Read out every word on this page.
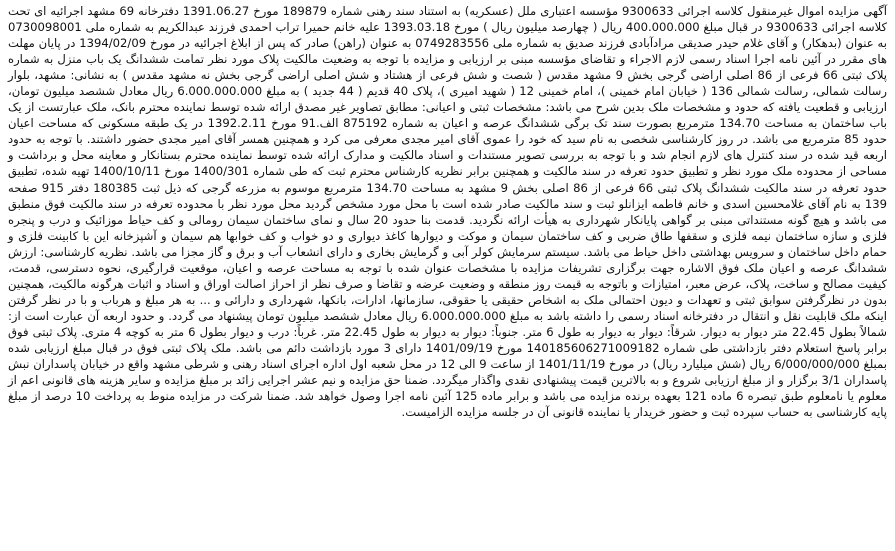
آگهی مزایده اموال غیرمنقول کلاسه اجرائی 9300633 مؤسسه اعتباری ملل (عسکریه) به استناد سند رهنی شماره 189879 مورخ 1391.06.27 دفترخانه 69 مشهد اجرائیه ای تحت کلاسه اجرائی 9300633 در قبال مبلغ 400.000.000 ریال ( چهارصد میلیون ریال ) مورخ 1393.03.18 علیه خانم حمیرا تراب احمدی فرزند عبدالکریم به شماره ملی 0730098001 به عنوان (بدهکار) و آقای غلام حیدر صدیقی مرادآبادی فرزند صدیق به شماره ملی 0749283556 به عنوان (راهن) صادر که پس از ابلاغ اجرائیه در مورخ 1394/02/09 در پایان مهلت های مقرر در آئین نامه اجرا اسناد رسمی لازم الاجراء و تقاضای مؤسسه مبنی بر ارزیابی و مزایده با توجه به وضعیت مالکیت پلاک مورد نظر تمامت ششدانگ یک باب منزل به شماره پلاک ثبتی 66 فرعی از 86 اصلی اراضی گرجی بخش 9 مشهد مقدس ( شصت و شش فرعی از هشتاد و شش اصلی اراضی گرجی بخش نه مشهد مقدس ) به نشانی: مشهد، بلوار رسالت شمالی، رسالت شمالی 136 ( خیابان امام خمینی )، امام خمینی 12 ( شهید امیری )، پلاک 40 قدیم ( 44 جدید ) به مبلغ 6.000.000.000 ریال معادل ششصد میلیون تومان، ارزیابی و قطعیت یافته که حدود و مشخصات ملک بدین شرح می باشد: مشخصات ثبتی و اعیانی: مطابق تصاویر غیر مصدق ارائه شده توسط نماینده محترم بانک، ملک عبارتست از یک باب ساختمان به مساحت 134.70 مترمربع بصورت سند تک برگی ششدانگ عرصه و اعیان به شماره 875192 الف.91 مورخ 1392.2.11 در یک طبقه مسکونی که مساحت اعیان حدود 85 مترمربع می باشد. در روز کارشناسی شخصی به نام سید که خود را عموی آقای امیر مجدی معرفی می کرد و همچنین همسر آقای امیر مجدی حضور داشتند. با توجه به حدود اربعه قید شده در سند کنترل های لازم انجام شد و با توجه به بررسی تصویر مستندات و اسناد مالکیت و مدارک ارائه شده توسط نماینده محترم بستانکار و معاینه محل و برداشت و مساحی از محدوده ملک مورد نظر و تطبیق حدود تعرفه در سند مالکیت و همچنین برابر نظریه کارشناس محترم ثبت که طی شماره 1400/301 مورخ 1400/10/11 تهیه شده، تطبیق حدود تعرفه در سند مالکیت ششدانگ پلاک ثبتی 66 فرعی از 86 اصلی بخش 9 مشهد به مساحت 134.70 مترمربع موسوم به مزرعه گرجی که ذیل ثبت 180385 دفتر 915 صفحه 139 به نام آقای غلامحسین اسدی و خانم فاطمه ایزانلو ثبت و سند مالکیت صادر شده است با محل مورد مشخص گردید محل مورد نظر با محدوده تعرفه در سند مالکیت فوق منطبق می باشد و هیچ گونه مستنداتی مبنی بر گواهی پایانکار شهرداری به هیأت ارائه نگردید. قدمت بنا حدود 20 سال و نمای ساختمان سیمان رومالی و کف حیاط موزائیک و درب و پنجره فلزی و سازه ساختمان نیمه فلزی و سقفها طاق ضربی و کف ساختمان سیمان و موکت و دیوارها کاغذ دیواری و دو خواب و کف خوابها هم سیمان و آشپزخانه این با کابینت فلزی و حمام داخل ساختمان و سرویس بهداشتی داخل حیاط می باشد. سیستم سرمایش کولر آبی و گرمایش بخاری و دارای انشعاب آب و برق و گاز مجزا می باشد. نظریه کارشناسی: ارزش ششدانگ عرصه و اعیان ملک فوق الاشاره جهت برگزاری تشریفات مزایده با مشخصات عنوان شده با توجه به مساحت عرصه و اعیان، موقعیت قرارگیری، نحوه دسترسی، قدمت، کیفیت مصالح و ساخت، پلاک، عرض معبر، امتیازات و باتوجه به قیمت روز منطقه و وضعیت عرضه و تقاضا و صرف نظر از احراز اصالت اوراق و اسناد و اثبات هرگونه مالکیت، همچنین بدون در نظرگرفتن سوابق ثبتی و تعهدات و دیون احتمالی ملک به اشخاص حقیقی یا حقوقی، سازمانها، ادارات، بانکها، شهرداری و دارائی و ... به هر مبلغ و هرباب و با در نظر گرفتن اینکه ملک قابلیت نقل و انتقال در دفترخانه اسناد رسمی را داشته باشد به مبلغ 6.000.000.000 ریال معادل ششصد میلیون تومان پیشنهاد می گردد. و حدود اربعه آن عبارت است از: شمالاً بطول 22.45 متر دیوار به دیوار. شرقاً: دیوار به دیوار به طول 6 متر. جنوباً: دیوار به دیوار به طول 22.45 متر. غرباً: درب و دیوار بطول 6 متر به کوچه 4 متری. پلاک ثبتی فوق برابر پاسخ استعلام دفتر بازداشتی طی شماره 140185606271009182 مورخ 1401/09/19 دارای 3 مورد بازداشت دائم می باشد. ملک پلاک ثبتی فوق در قبال مبلغ ارزیابی شده بمبلغ 6/000/000/000 ریال (شش میلیارد ریال) در مورخ 1401/11/19 از ساعت 9 الی 12 در محل شعبه اول اداره اجرای اسناد رهنی و شرطی مشهد واقع در خیابان پاسداران نبش پاسداران 3/1 برگزار و از مبلغ ارزیابی شروع و به بالاترین قیمت پیشنهادی نقدی واگذار میگردد. ضمنا حق مزایده و نیم عشر اجرایی زائد بر مبلغ مزایده و سایر هزینه های قانونی اعم از معلوم یا نامعلوم طبق تبصره 6 ماده 121 بعهده برنده مزایده می باشد و برابر ماده 125 آئین نامه اجرا وصول خواهد شد. ضمنا شرکت در مزایده منوط به پرداخت 10 درصد از مبلغ پایه کارشناسی به حساب سپرده ثبت و حضور خریدار یا نماینده قانونی آن در جلسه مزایده الزامیست.
